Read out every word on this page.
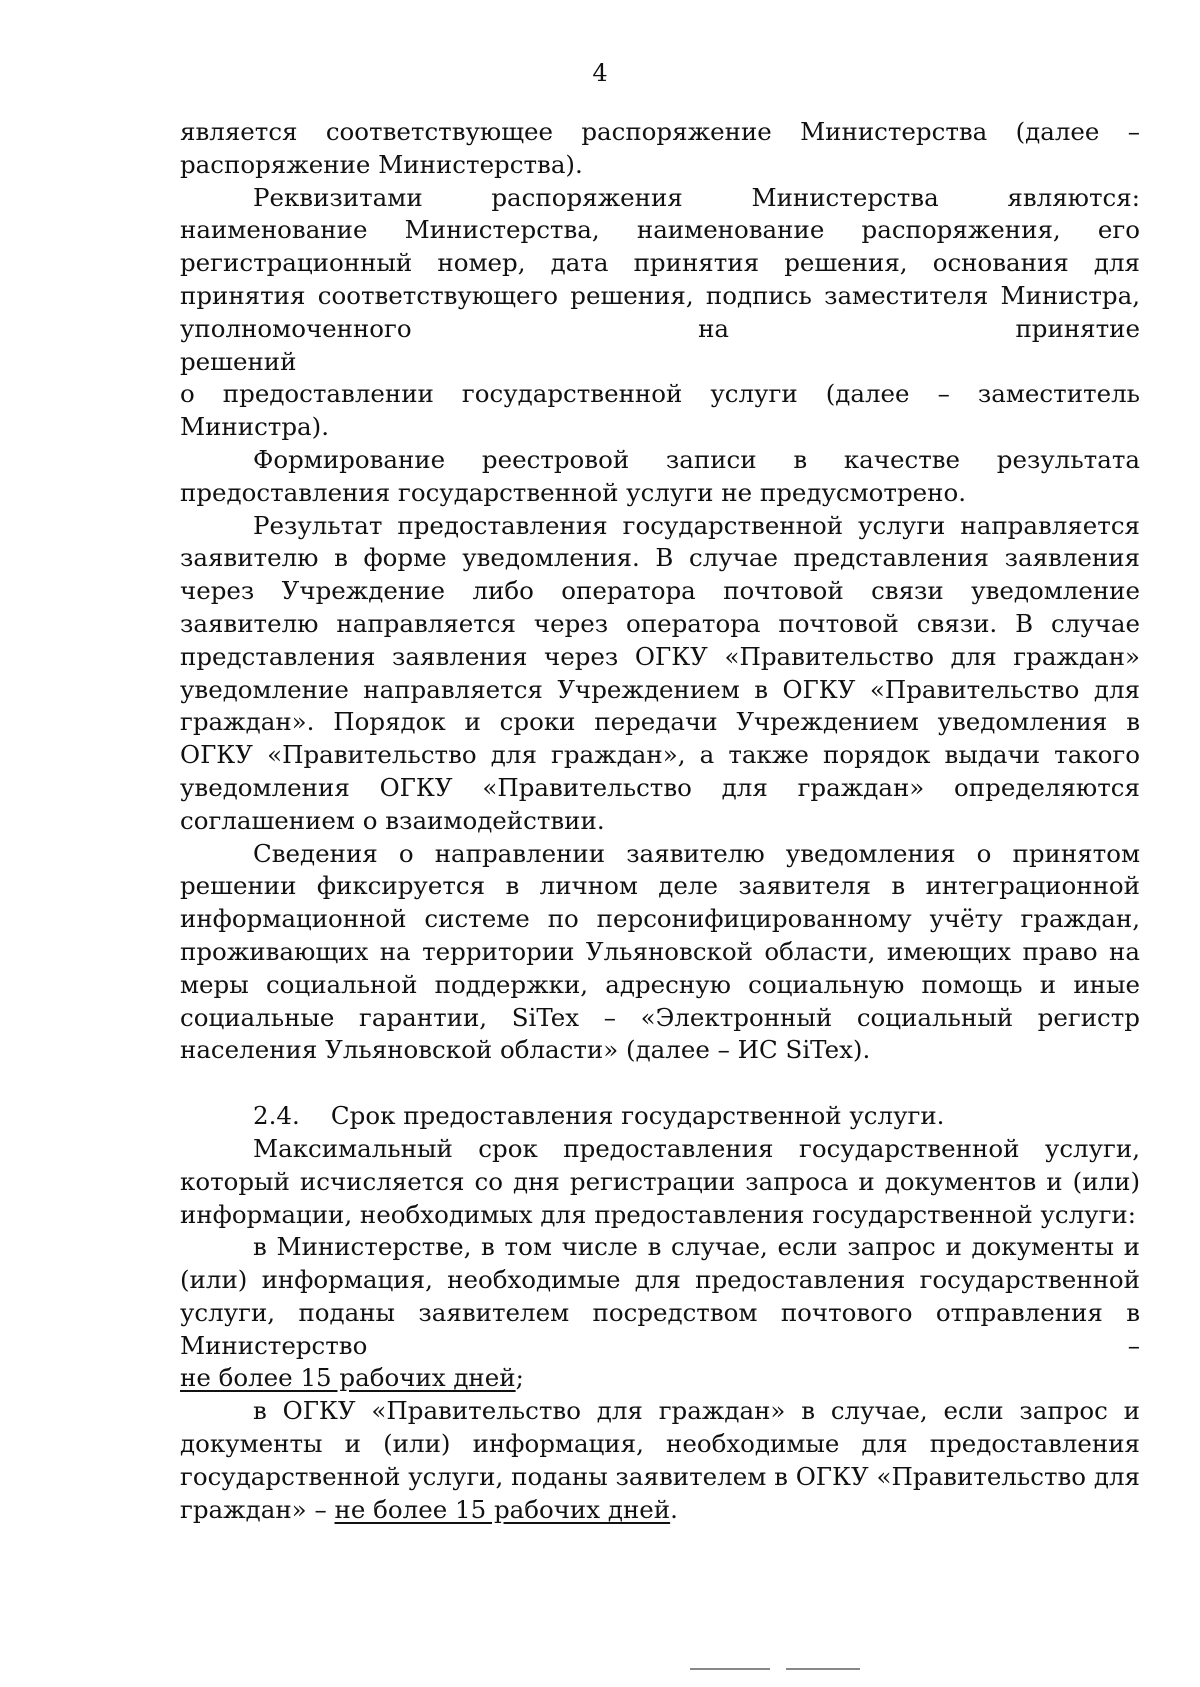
4

является соответствующее распоряжение Министерства (далее –

распоряжение Министерства).

Реквизитами распоряжения Министерства являются: наименование Министерства, наименование распоряжения, его регистрационный номер, дата принятия решения, основания для принятия соответствующего решения, подпись заместителя Министра, уполномоченного на принятие

решений

о предоставлении государственной услуги (далее – заместитель

Министра).

Формирование реестровой записи в качестве результата предоставления государственной услуги не предусмотрено.

Результат предоставления государственной услуги направляется заявителю в форме уведомления. В случае представления заявления через Учреждение либо оператора почтовой связи уведомление заявителю направляется через оператора почтовой связи. В случае представления заявления через ОГКУ «Правительство для граждан» уведомление направляется Учреждением в ОГКУ «Правительство для граждан». Порядок и сроки передачи Учреждением уведомления в ОГКУ «Правительство для граждан», а также порядок выдачи такого уведомления ОГКУ «Правительство для граждан» определяются соглашением о взаимодействии.

Сведения о направлении заявителю уведомления о принятом решении фиксируется в личном деле заявителя в интеграционной информационной системе по персонифицированному учёту граждан, проживающих на территории Ульяновской области, имеющих право на меры социальной поддержки, адресную социальную помощь и иные социальные гарантии, SiTex – «Электронный социальный регистр населения Ульяновской области» (далее – ИС SiTex).

2.4. Срок предоставления государственной услуги.

Максимальный срок предоставления государственной услуги, который исчисляется со дня регистрации запроса и документов и (или) информации, необходимых для предоставления государственной услуги:

в Министерстве, в том числе в случае, если запрос и документы и (или) информация, необходимые для предоставления государственной услуги, поданы заявителем посредством почтового отправления в

Министерство	–

не более 15 рабочих дней;

в ОГКУ «Правительство для граждан» в случае, если запрос и документы и (или) информация, необходимые для предоставления государственной услуги, поданы заявителем в ОГКУ «Правительство для граждан» – не более 15 рабочих дней.
